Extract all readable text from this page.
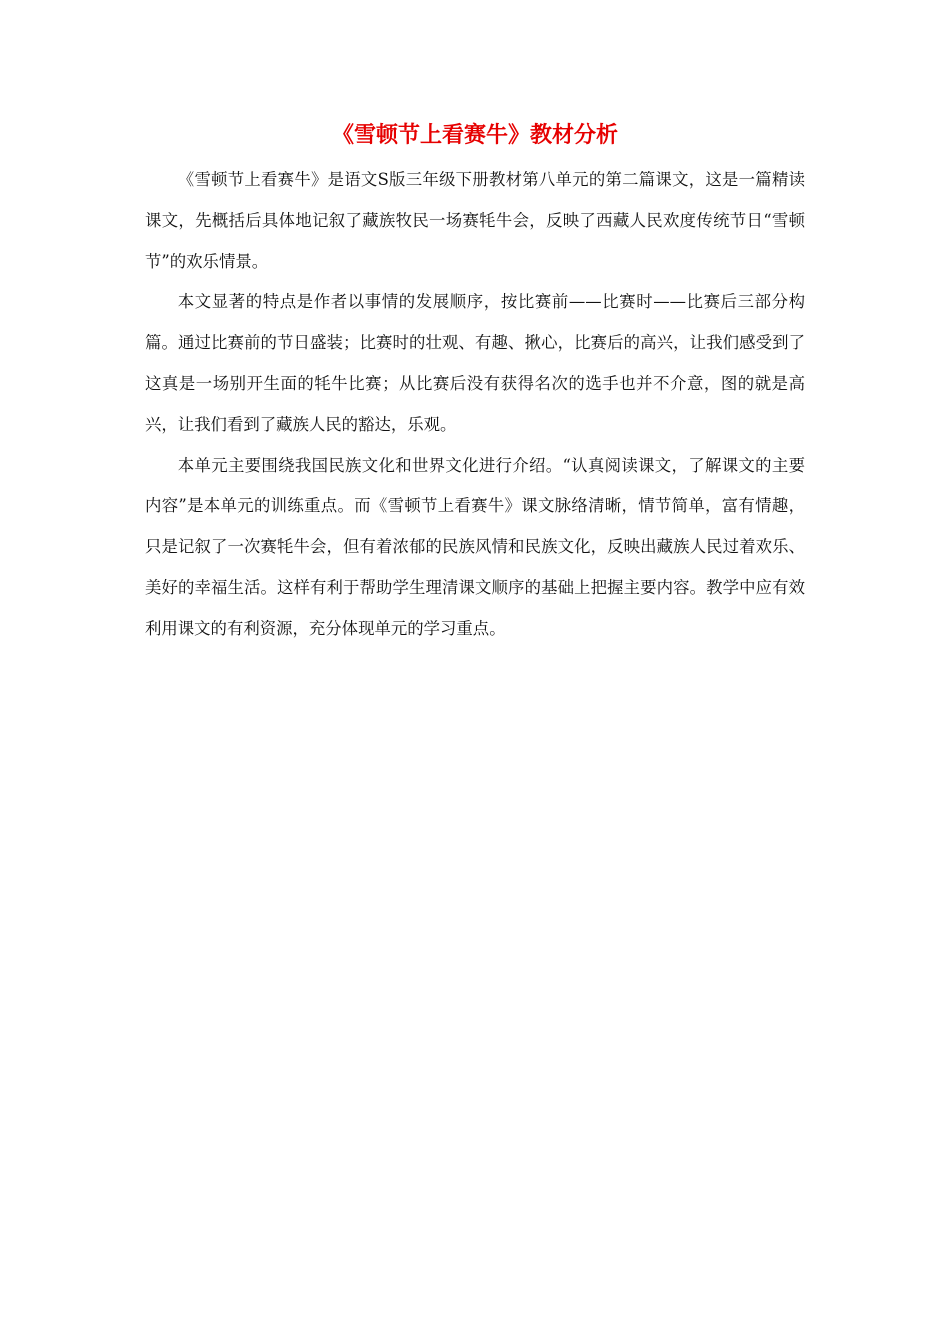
《雪顿节上看赛牛》教材分析

《雪顿节上看赛牛》是语文S版三年级下册教材第八单元的第二篇课文，这是一篇精读课文，先概括后具体地记叙了藏族牧民一场赛牦牛会，反映了西藏人民欢度传统节日“雪顿节”的欢乐情景。

本文显著的特点是作者以事情的发展顺序，按比赛前——比赛时——比赛后三部分构篇。通过比赛前的节日盛装；比赛时的壮观、有趣、揪心，比赛后的高兴，让我们感受到了这真是一场别开生面的牦牛比赛；从比赛后没有获得名次的选手也并不介意，图的就是高兴，让我们看到了藏族人民的豁达，乐观。

本单元主要围绕我国民族文化和世界文化进行介绍。“认真阅读课文，了解课文的主要内容”是本单元的训练重点。而《雪顿节上看赛牛》课文脉络清晰，情节简单，富有情趣，只是记叙了一次赛牦牛会，但有着浓郁的民族风情和民族文化，反映出藏族人民过着欢乐、美好的幸福生活。这样有利于帮助学生理清课文顺序的基础上把握主要内容。教学中应有效利用课文的有利资源，充分体现单元的学习重点。
